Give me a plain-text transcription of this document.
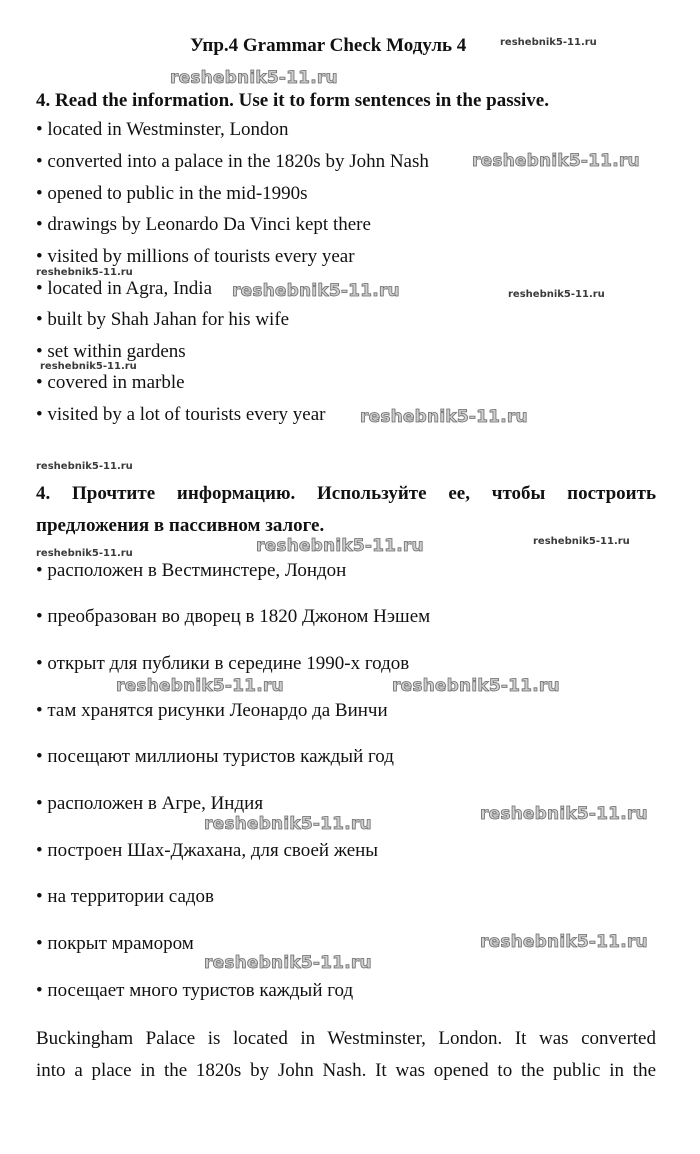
Упр.4 Grammar Check Модуль 4
4. Read the information. Use it to form sentences in the passive.
• located in Westminster, London
• converted into a palace in the 1820s by John Nash
• opened to public in the mid-1990s
• drawings by Leonardo Da Vinci kept there
• visited by millions of tourists every year
• located in Agra, India
• built by Shah Jahan for his wife
• set within gardens
• covered in marble
• visited by a lot of tourists every year
4. Прочтите информацию. Используйте ее, чтобы построить предложения в пассивном залоге.
• расположен в Вестминстере, Лондон
• преобразован во дворец в 1820 Джоном Нэшем
• открыт для публики в середине 1990-х годов
• там хранятся рисунки Леонардо да Винчи
• посещают миллионы туристов каждый год
• расположен в Агре, Индия
• построен Шах-Джахана, для своей жены
• на территории садов
• покрыт мрамором
• посещает много туристов каждый год
Buckingham Palace is located in Westminster, London. It was converted
into a place in the 1820s by John Nash. It was opened to the public in the
reshebnik5-11.ru
reshebnik5-11.ru
reshebnik5-11.ru
reshebnik5-11.ru
reshebnik5-11.ru	reshebnik5-11.ru
reshebnik5-11.ru
reshebnik5-11.ru
reshebnik5-11.ru
reshebnik5-11.ru	reshebnik5-11.ru	reshebnik5-11.ru
reshebnik5-11.ru	reshebnik5-11.ru
reshebnik5-11.ru
reshebnik5-11.ru
reshebnik5-11.ru
reshebnik5-11.ru
